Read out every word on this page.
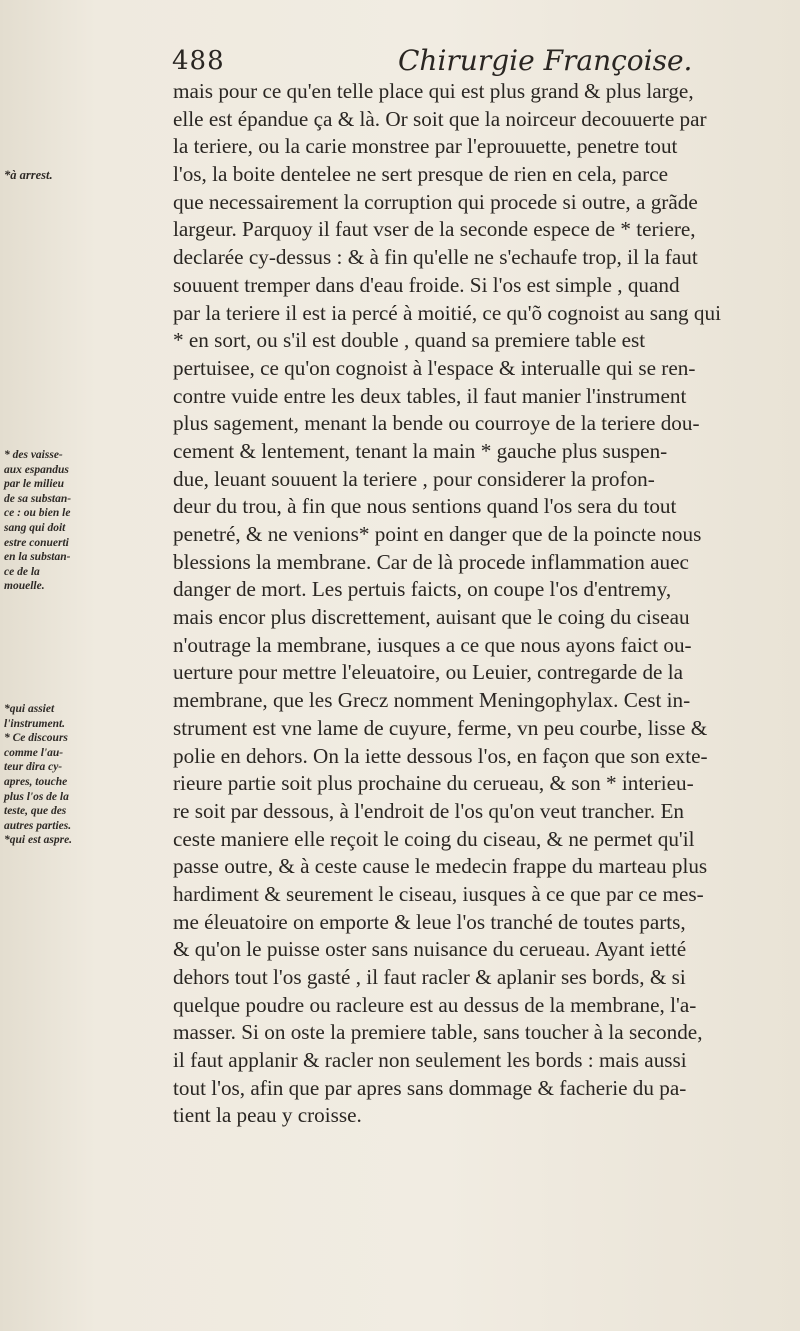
488	Chirurgie Françoise.
*à arrest.
* des vaisse-
aux espandus
par le milieu
de sa substan-
ce : ou bien le
sang qui doit
estre conuerti
en la substan-
ce de la
mouelle.
*qui assiet
l'instrument.
* Ce discours
comme l'au-
teur dira cy-
apres, touche
plus l'os de la
teste, que des
autres parties.
*qui est aspre.
mais pour ce qu'en telle place qui est plus grand & plus large,
elle est épandue ça & là. Or soit que la noirceur decouuerte par
la teriere, ou la carie monstree par l'eprouuette, penetre tout
l'os, la boite dentelee ne sert presque de rien en cela, parce
que necessairement la corruption qui procede si outre, a grãde
largeur. Parquoy il faut vser de la seconde espece de * teriere,
declarée cy-dessus : & à fin qu'elle ne s'echaufe trop, il la faut
souuent tremper dans d'eau froide. Si l'os est simple , quand
par la teriere il est ia percé à moitié, ce qu'õ cognoist au sang qui
* en sort, ou s'il est double , quand sa premiere table est
pertuisee, ce qu'on cognoist à l'espace & interualle qui se ren-
contre vuide entre les deux tables, il faut manier l'instrument
plus sagement, menant la bende ou courroye de la teriere dou-
cement & lentement, tenant la main * gauche plus suspen-
due, leuant souuent la teriere , pour considerer la profon-
deur du trou, à fin que nous sentions quand l'os sera du tout
penetré, & ne venions* point en danger que de la poincte nous
blessions la membrane. Car de là procede inflammation auec
danger de mort. Les pertuis faicts, on coupe l'os d'entremy,
mais encor plus discrettement, auisant que le coing du ciseau
n'outrage la membrane, iusques a ce que nous ayons faict ou-
uerture pour mettre l'eleuatoire, ou Leuier, contregarde de la
membrane, que les Grecz nomment Meningophylax. Cest in-
strument est vne lame de cuyure, ferme, vn peu courbe, lisse &
polie en dehors. On la iette dessous l'os, en façon que son exte-
rieure partie soit plus prochaine du cerueau, & son * interieu-
re soit par dessous, à l'endroit de l'os qu'on veut trancher. En
ceste maniere elle reçoit le coing du ciseau, & ne permet qu'il
passe outre, & à ceste cause le medecin frappe du marteau plus
hardiment & seurement le ciseau, iusques à ce que par ce mes-
me éleuatoire on emporte & leue l'os tranché de toutes parts,
& qu'on le puisse oster sans nuisance du cerueau. Ayant ietté
dehors tout l'os gasté , il faut racler & aplanir ses bords, & si
quelque poudre ou racleure est au dessus de la membrane, l'a-
masser. Si on oste la premiere table, sans toucher à la seconde,
il faut applanir & racler non seulement les bords : mais aussi
tout l'os, afin que par apres sans dommage & facherie du pa-
tient la peau y croisse.
